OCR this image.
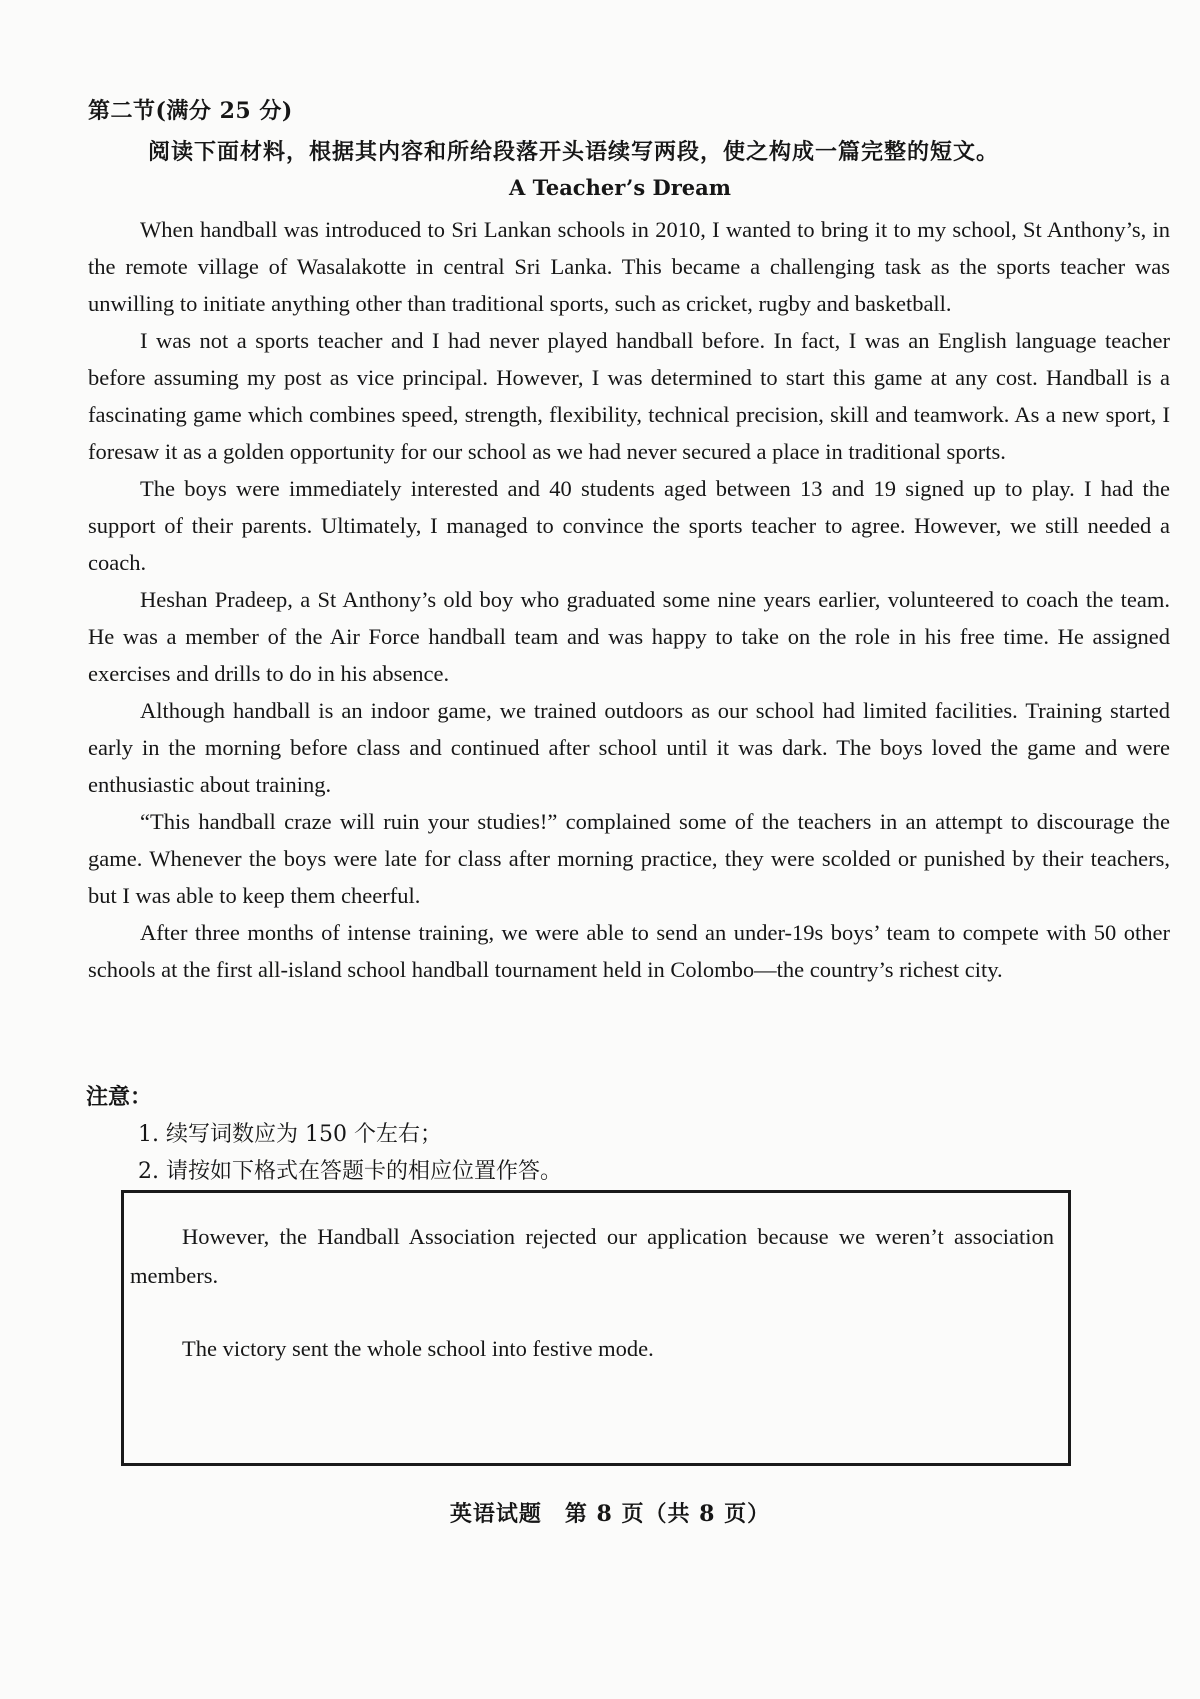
第二节(满分 25 分)
阅读下面材料，根据其内容和所给段落开头语续写两段，使之构成一篇完整的短文。
A Teacher’s Dream

When handball was introduced to Sri Lankan schools in 2010, I wanted to bring it to my school, St Anthony’s, in the remote village of Wasalakotte in central Sri Lanka. This became a challenging task as the sports teacher was unwilling to initiate anything other than traditional sports, such as cricket, rugby and basketball.

I was not a sports teacher and I had never played handball before. In fact, I was an English language teacher before assuming my post as vice principal. However, I was determined to start this game at any cost. Handball is a fascinating game which combines speed, strength, flexibility, technical precision, skill and teamwork. As a new sport, I foresaw it as a golden opportunity for our school as we had never secured a place in traditional sports.

The boys were immediately interested and 40 students aged between 13 and 19 signed up to play. I had the support of their parents. Ultimately, I managed to convince the sports teacher to agree. However, we still needed a coach.

Heshan Pradeep, a St Anthony’s old boy who graduated some nine years earlier, volunteered to coach the team. He was a member of the Air Force handball team and was happy to take on the role in his free time. He assigned exercises and drills to do in his absence.

Although handball is an indoor game, we trained outdoors as our school had limited facilities. Training started early in the morning before class and continued after school until it was dark. The boys loved the game and were enthusiastic about training.

“This handball craze will ruin your studies!” complained some of the teachers in an attempt to discourage the game. Whenever the boys were late for class after morning practice, they were scolded or punished by their teachers, but I was able to keep them cheerful.

After three months of intense training, we were able to send an under-19s boys’ team to compete with 50 other schools at the first all-island school handball tournament held in Colombo—the country’s richest city.

注意：
1. 续写词数应为 150 个左右；
2. 请按如下格式在答题卡的相应位置作答。
However, the Handball Association rejected our application because we weren’t association members.
The victory sent the whole school into festive mode.
英语试题　第 8 页（共 8 页）
